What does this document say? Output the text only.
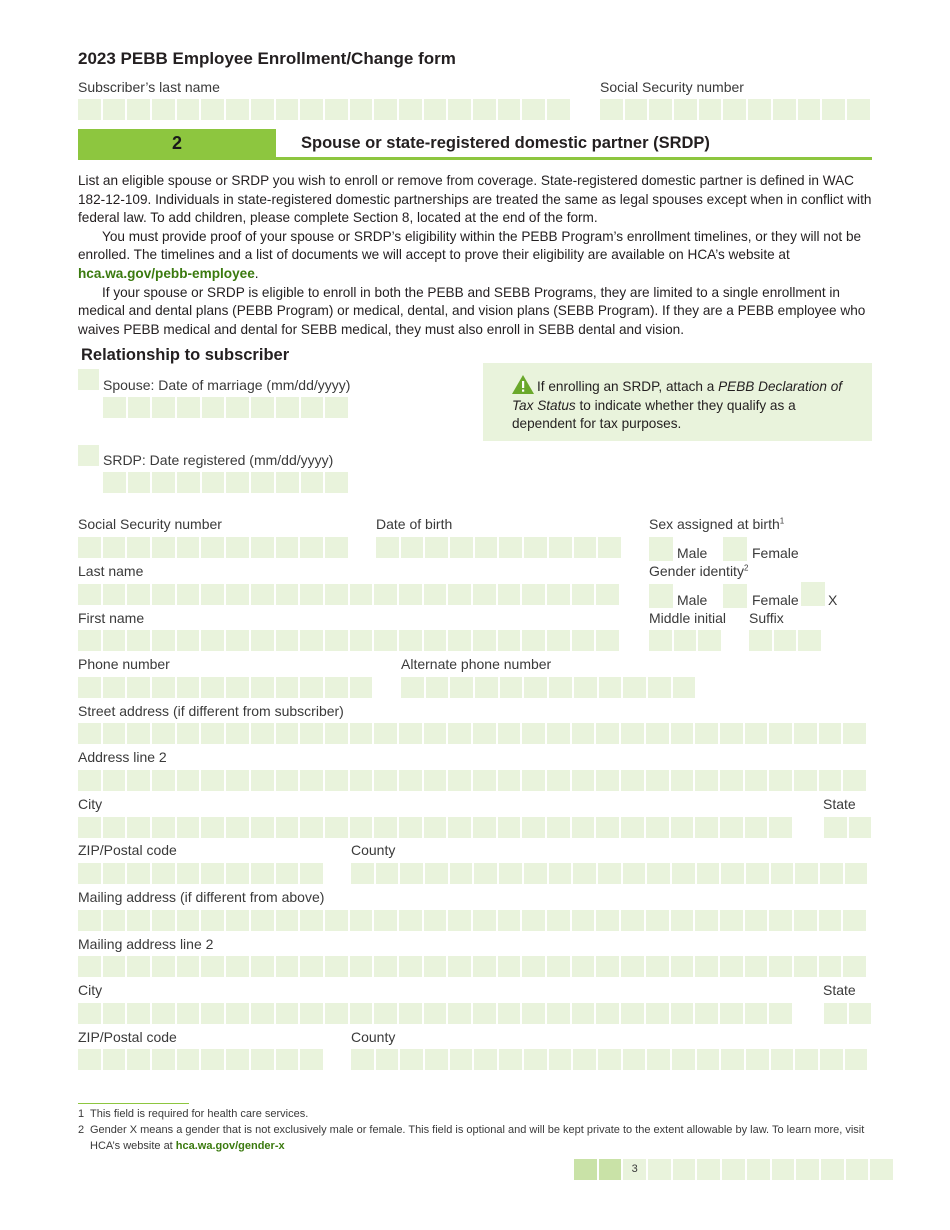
2023 PEBB Employee Enrollment/Change form
Subscriber’s last name	Social Security number
2	Spouse or state-registered domestic partner (SRDP)

List an eligible spouse or SRDP you wish to enroll or remove from coverage. State-registered domestic partner is defined in WAC 182-12-109. Individuals in state-registered domestic partnerships are treated the same as legal spouses except when in conflict with federal law. To add children, please complete Section 8, located at the end of the form.

You must provide proof of your spouse or SRDP’s eligibility within the PEBB Program’s enrollment timelines, or they will not be enrolled. The timelines and a list of documents we will accept to prove their eligibility are available on HCA’s website at hca.wa.gov/pebb-employee.

If your spouse or SRDP is eligible to enroll in both the PEBB and SEBB Programs, they are limited to a single enrollment in medical and dental plans (PEBB Program) or medical, dental, and vision plans (SEBB Program). If they are a PEBB employee who waives PEBB medical and dental for SEBB medical, they must also enroll in SEBB dental and vision.

Relationship to subscriber
Spouse: Date of marriage (mm/dd/yyyy)
SRDP: Date registered (mm/dd/yyyy)
If enrolling an SRDP, attach a PEBB Declaration of Tax Status to indicate whether they qualify as a dependent for tax purposes.
Social Security number	Date of birth	Sex assigned at birth$^1$
Male	Female
Last name	Gender identity$^2$
Male	Female X
First name	Middle initial Suffix
Phone number	Alternate phone number
Street address (if different from subscriber)
Address line 2
City	State
ZIP/Postal code	County
Mailing address (if different from above)
Mailing address line 2
City	State
ZIP/Postal code	County
1 This field is required for health care services.
2 Gender X means a gender that is not exclusively male or female. This field is optional and will be kept private to the extent allowable by law. To learn more, visit HCA’s website at hca.wa.gov/gender-x
3
